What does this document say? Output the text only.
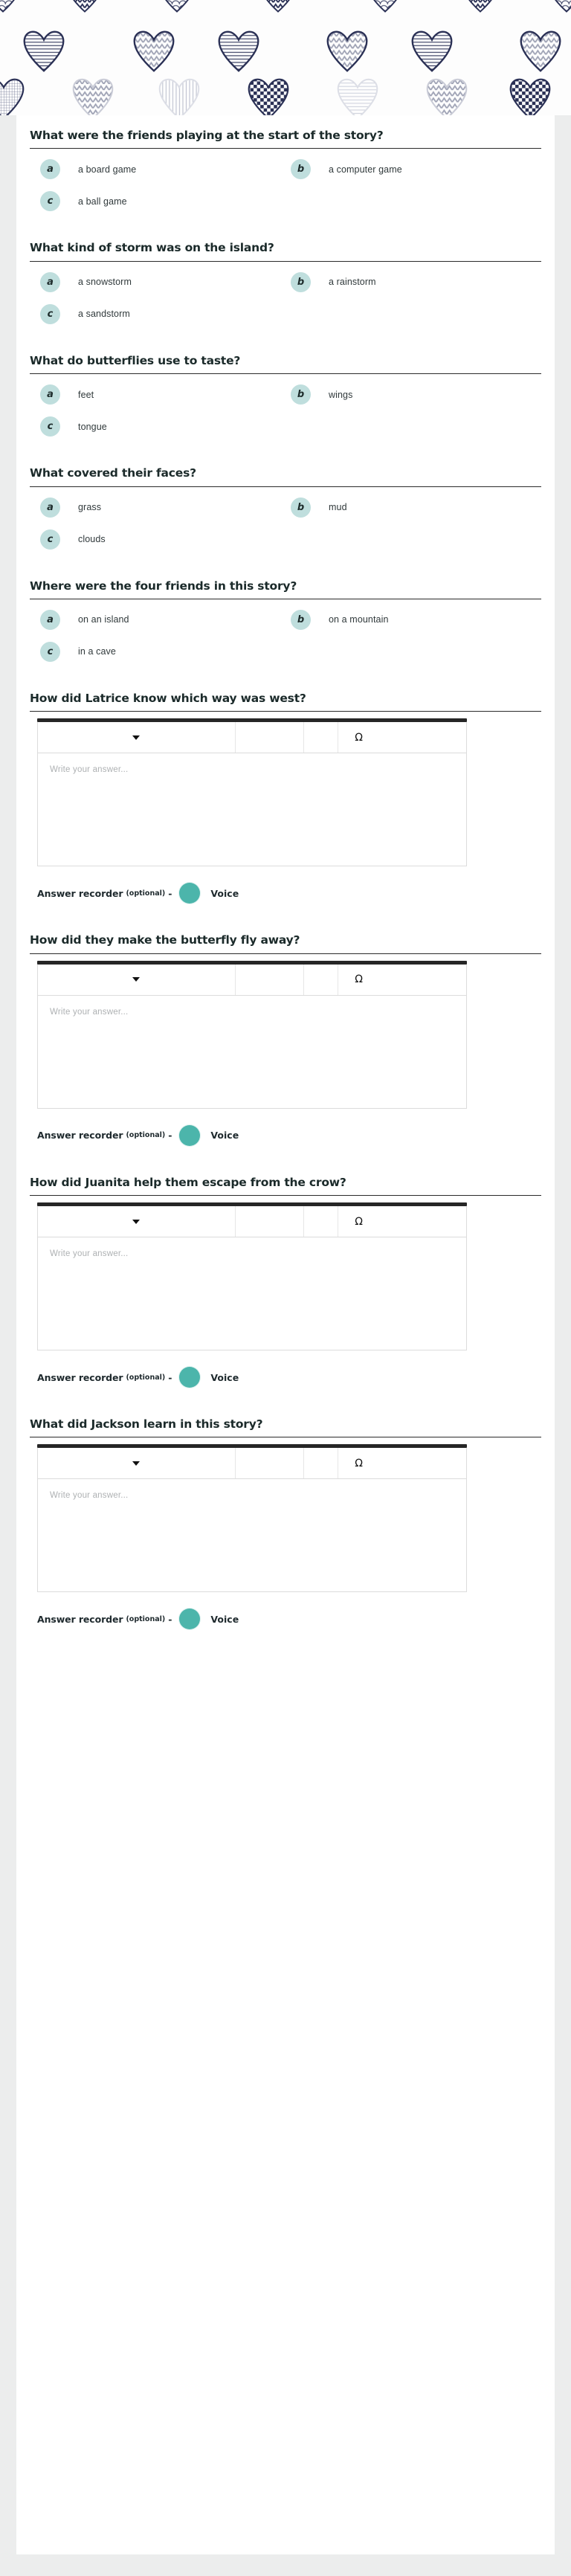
What were the friends playing at the start of the story?
a	a board game	b	a computer game
c	a ball game
What kind of storm was on the island?
a	a snowstorm	b	a rainstorm
c	a sandstorm
What do butterflies use to taste?
a	feet	b	wings
c	tongue
What covered their faces?
a	grass	b	mud
c	clouds
Where were the four friends in this story?
a	on an island	b	on a mountain
c	in a cave
How did Latrice know which way was west?
Ω
Write your answer...
Answer recorder (optional) -	Voice
How did they make the butterfly fly away?
Ω
Write your answer...
Answer recorder (optional) -	Voice
How did Juanita help them escape from the crow?
Ω
Write your answer...
Answer recorder (optional) -	Voice
What did Jackson learn in this story?
Ω
Write your answer...
Answer recorder (optional) -	Voice
